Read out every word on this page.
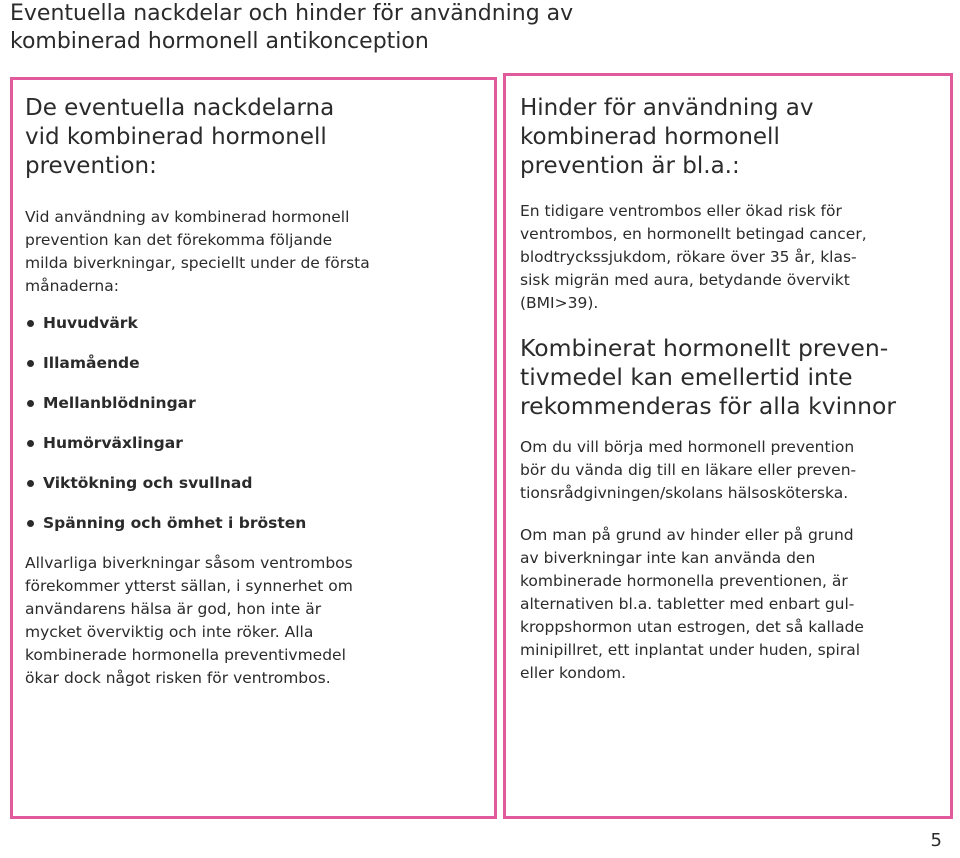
Eventuella nackdelar och hinder för användning av
kombinerad hormonell antikonception
De eventuella nackdelarna
vid kombinerad hormonell
prevention:

Vid användning av kombinerad hormonell
prevention kan det förekomma följande
milda biverkningar, speciellt under de första
månaderna:

Huvudvärk
Illamående
Mellanblödningar
Humörväxlingar
Viktökning och svullnad
Spänning och ömhet i brösten

Allvarliga biverkningar såsom ventrombos
förekommer ytterst sällan, i synnerhet om
användarens hälsa är god, hon inte är
mycket överviktig och inte röker. Alla
kombinerade hormonella preventivmedel
ökar dock något risken för ventrombos.

Hinder för användning av
kombinerad hormonell
prevention är bl.a.:

En tidigare ventrombos eller ökad risk för
ventrombos, en hormonellt betingad cancer,
blodtryckssjukdom, rökare över 35 år, klas-
sisk migrän med aura, betydande övervikt
(BMI>39).

Kombinerat hormonellt preven-
tivmedel kan emellertid inte
rekommenderas för alla kvinnor

Om du vill börja med hormonell prevention
bör du vända dig till en läkare eller preven-
tionsrådgivningen/skolans hälsosköterska.

Om man på grund av hinder eller på grund
av biverkningar inte kan använda den
kombinerade hormonella preventionen, är
alternativen bl.a. tabletter med enbart gul-
kroppshormon utan estrogen, det så kallade
minipillret, ett inplantat under huden, spiral
eller kondom.

5
